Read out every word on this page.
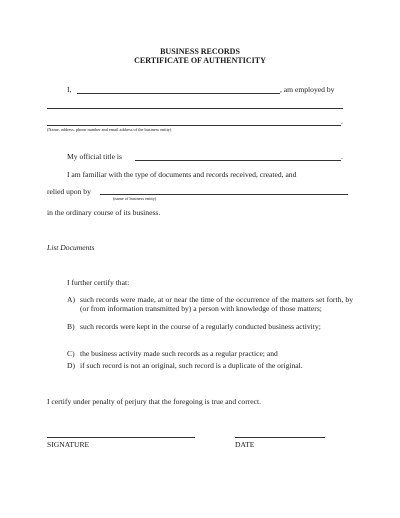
BUSINESS RECORDS
CERTIFICATE OF AUTHENTICITY
I,	, am employed by
.
(Name, address, phone number and email address of the business entity)
My official title is	.
I am familiar with the type of documents and records received, created, and
relied upon by
(name of business entity)
in the ordinary course of its business.
List Documents
I further certify that:
A) such records were made, at or near the time of the occurrence of the matters set forth, by (or from information transmitted by) a person with knowledge of those matters;
B) such records were kept in the course of a regularly conducted business activity;
C) the business activity made such records as a regular practice; and
D) if such record is not an original, such record is a duplicate of the original.
I certify under penalty of perjury that the foregoing is true and correct.
SIGNATURE	DATE
